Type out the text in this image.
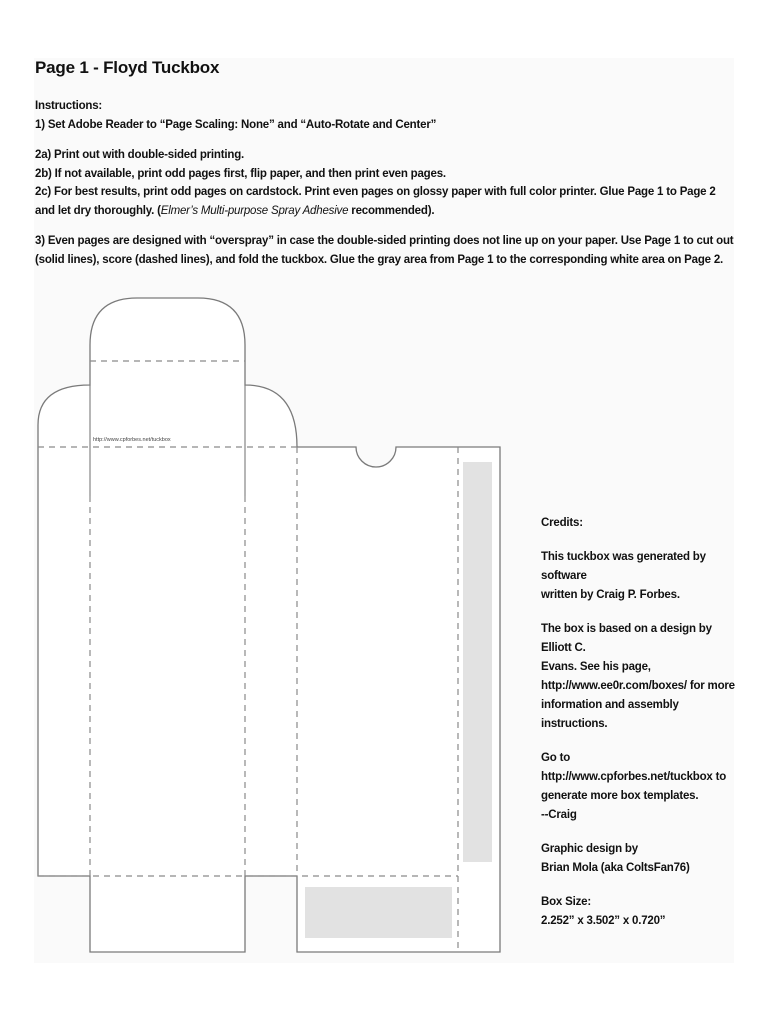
Page 1 - Floyd Tuckbox

Instructions:

1) Set Adobe Reader to “Page Scaling: None” and “Auto-Rotate and Center”

2a) Print out with double-sided printing.

2b) If not available, print odd pages first, flip paper, and then print even pages.

2c) For best results, print odd pages on cardstock. Print even pages on glossy paper with full color printer. Glue Page 1 to Page 2 and let dry thoroughly. (Elmer’s Multi-purpose Spray Adhesive recommended).

3) Even pages are designed with “overspray” in case the double-sided printing does not line up on your paper. Use Page 1 to cut out (solid lines), score (dashed lines), and fold the tuckbox. Glue the gray area from Page 1 to the corresponding white area on Page 2.

http://www.cpforbes.net/tuckbox

Credits:

This tuckbox was generated by software
written by Craig P. Forbes.

The box is based on a design by Elliott C.
Evans. See his page,
http://www.ee0r.com/boxes/ for more
information and assembly instructions.

Go to http://www.cpforbes.net/tuckbox to
generate more box templates.
--Craig

Graphic design by
Brian Mola (aka ColtsFan76)

Box Size:
2.252” x 3.502” x 0.720”
